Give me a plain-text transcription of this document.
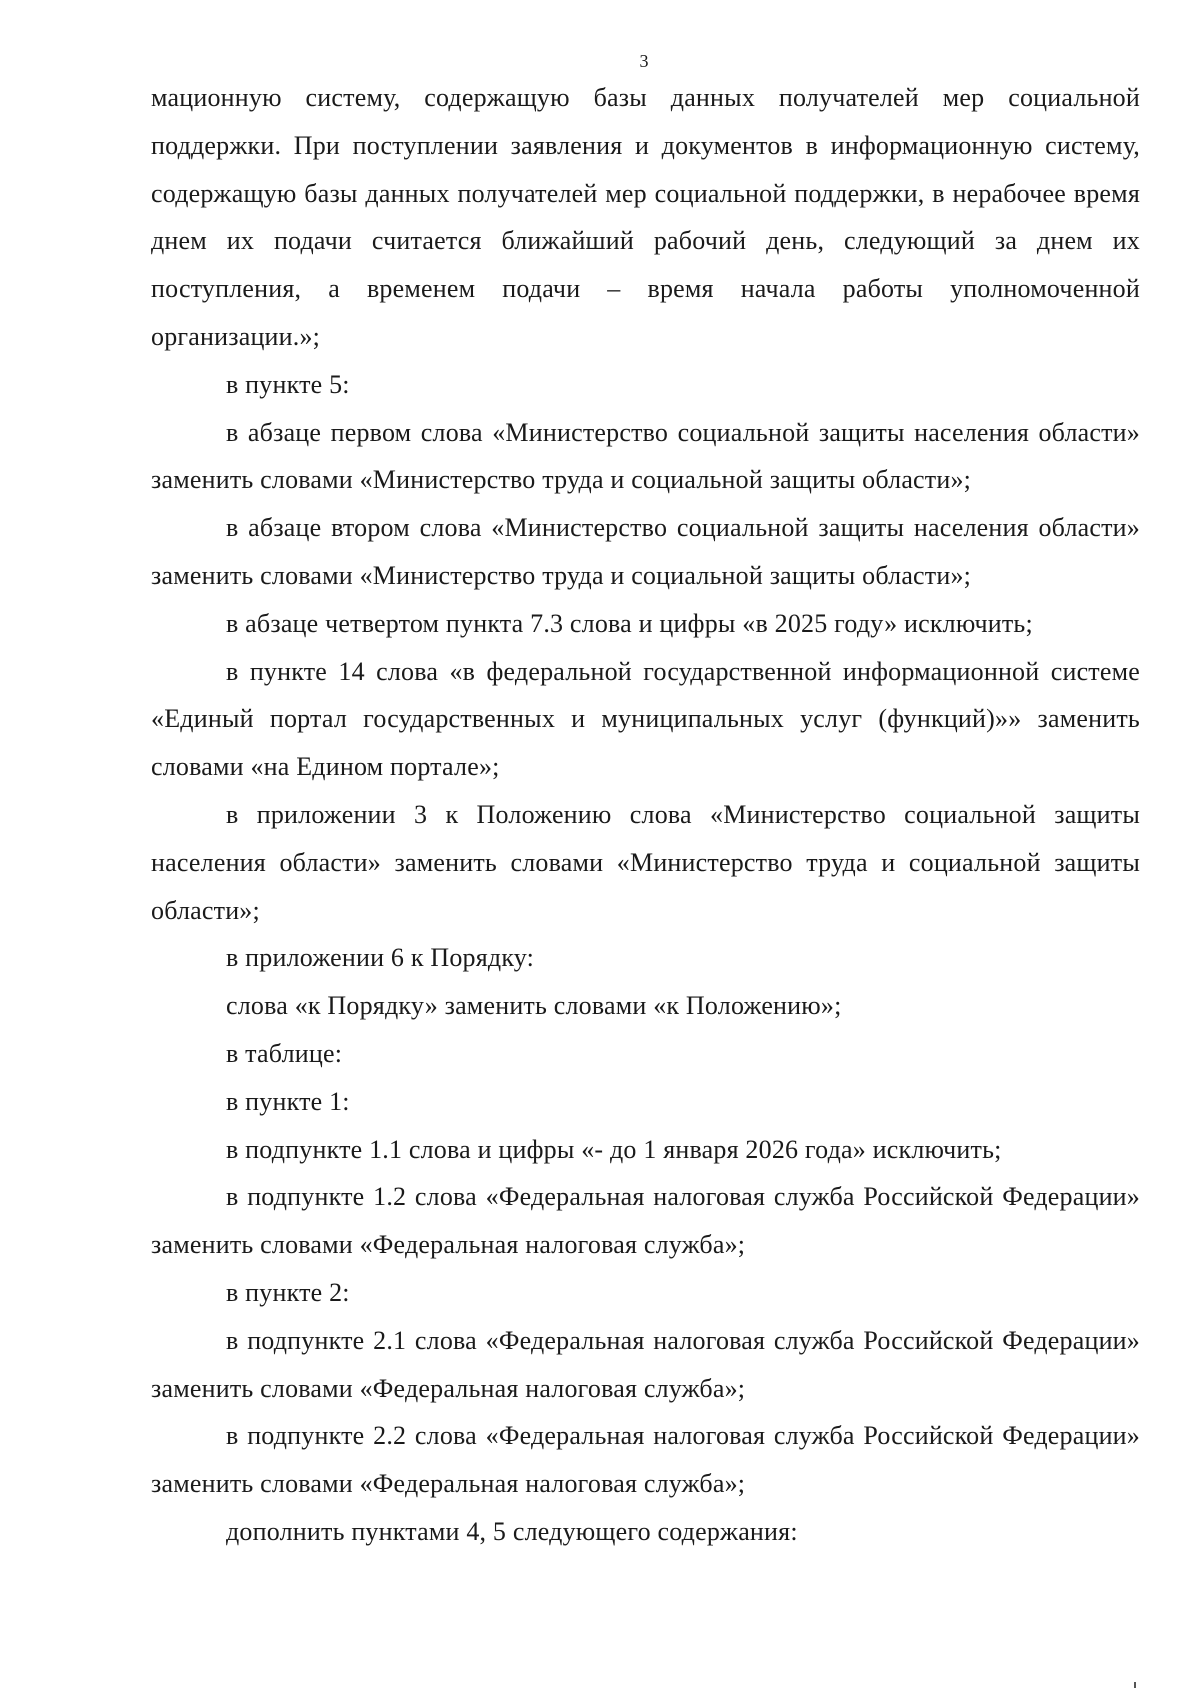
3

мационную систему, содержащую базы данных получателей мер социальной поддержки. При поступлении заявления и документов в информационную систему, содержащую базы данных получателей мер социальной поддержки, в нерабочее время днем их подачи считается ближайший рабочий день, следующий за днем их поступления, а временем подачи – время начала работы уполномоченной организации.»;

в пункте 5:

в абзаце первом слова «Министерство социальной защиты населения области» заменить словами «Министерство труда и социальной защиты области»;

в абзаце втором слова «Министерство социальной защиты населения области» заменить словами «Министерство труда и социальной защиты области»;

в абзаце четвертом пункта 7.3 слова и цифры «в 2025 году» исключить;

в пункте 14 слова «в федеральной государственной информационной системе «Единый портал государственных и муниципальных услуг (функций)»» заменить словами «на Едином портале»;

в приложении 3 к Положению слова «Министерство социальной защиты населения области» заменить словами «Министерство труда и социальной защиты области»;

в приложении 6 к Порядку:

слова «к Порядку» заменить словами «к Положению»;

в таблице:

в пункте 1:

в подпункте 1.1 слова и цифры «- до 1 января 2026 года» исключить;

в подпункте 1.2 слова «Федеральная налоговая служба Российской Федерации» заменить словами «Федеральная налоговая служба»;

в пункте 2:

в подпункте 2.1 слова «Федеральная налоговая служба Российской Федерации» заменить словами «Федеральная налоговая служба»;

в подпункте 2.2 слова «Федеральная налоговая служба Российской Федерации» заменить словами «Федеральная налоговая служба»;

дополнить пунктами 4, 5 следующего содержания:
